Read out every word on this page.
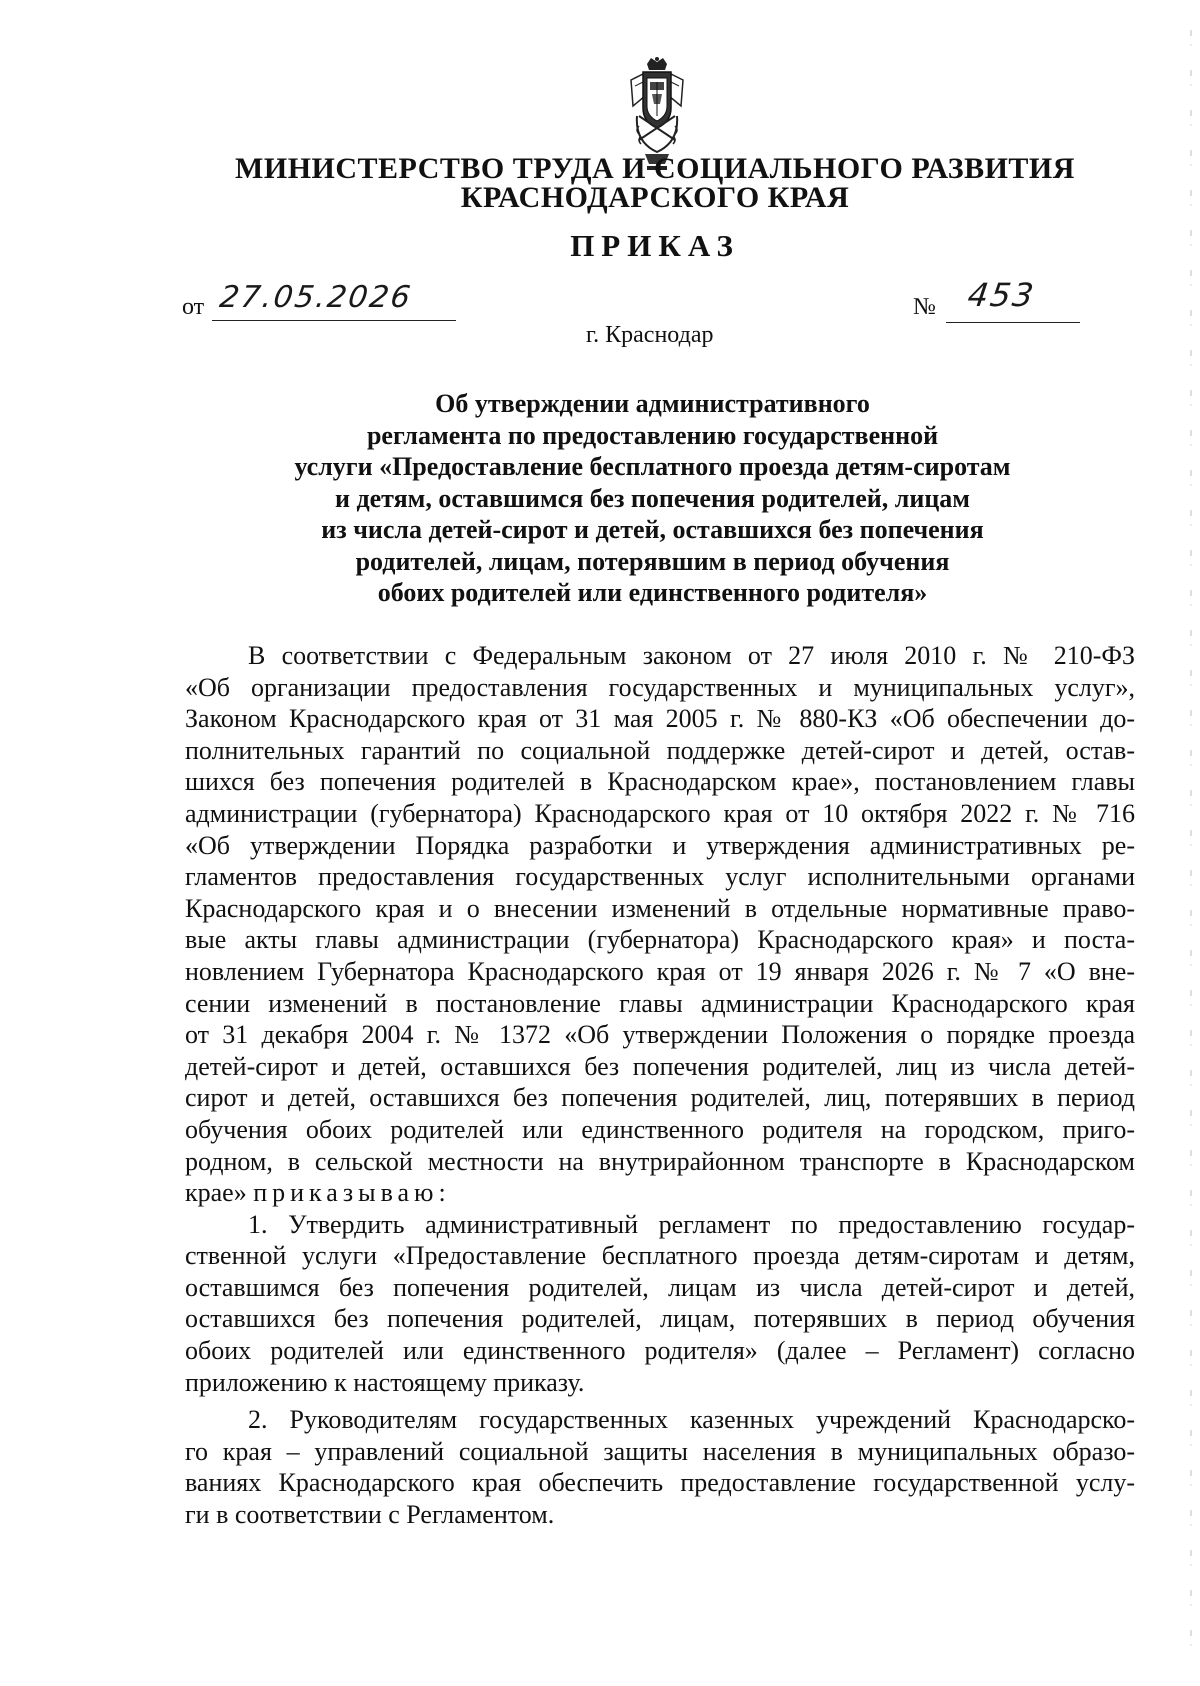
МИНИСТЕРСТВО ТРУДА И СОЦИАЛЬНОГО РАЗВИТИЯ
КРАСНОДАРСКОГО КРАЯ
ПРИКАЗ
от 27.05.2026	№ 453
г. Краснодар
Об утверждении административного
регламента по предоставлению государственной
услуги «Предоставление бесплатного проезда детям-сиротам
и детям, оставшимся без попечения родителей, лицам
из числа детей-сирот и детей, оставшихся без попечения
родителей, лицам, потерявшим в период обучения
обоих родителей или единственного родителя»
В соответствии с Федеральным законом от 27 июля 2010 г. № 210-ФЗ
«Об организации предоставления государственных и муниципальных услуг»,
Законом Краснодарского края от 31 мая 2005 г. № 880-КЗ «Об обеспечении до-
полнительных гарантий по социальной поддержке детей-сирот и детей, остав-
шихся без попечения родителей в Краснодарском крае», постановлением главы
администрации (губернатора) Краснодарского края от 10 октября 2022 г. № 716
«Об утверждении Порядка разработки и утверждения административных ре-
гламентов предоставления государственных услуг исполнительными органами
Краснодарского края и о внесении изменений в отдельные нормативные право-
вые акты главы администрации (губернатора) Краснодарского края» и поста-
новлением Губернатора Краснодарского края от 19 января 2026 г. № 7 «О вне-
сении изменений в постановление главы администрации Краснодарского края
от 31 декабря 2004 г. № 1372 «Об утверждении Положения о порядке проезда
детей-сирот и детей, оставшихся без попечения родителей, лиц из числа детей-
сирот и детей, оставшихся без попечения родителей, лиц, потерявших в период
обучения обоих родителей или единственного родителя на городском, приго-
родном, в сельской местности на внутрирайонном транспорте в Краснодарском
крае» приказываю:
1. Утвердить административный регламент по предоставлению государ-
ственной услуги «Предоставление бесплатного проезда детям-сиротам и детям,
оставшимся без попечения родителей, лицам из числа детей-сирот и детей,
оставшихся без попечения родителей, лицам, потерявших в период обучения
обоих родителей или единственного родителя» (далее – Регламент) согласно
приложению к настоящему приказу.
2. Руководителям государственных казенных учреждений Краснодарско-
го края – управлений социальной защиты населения в муниципальных образо-
ваниях Краснодарского края обеспечить предоставление государственной услу-
ги в соответствии с Регламентом.
